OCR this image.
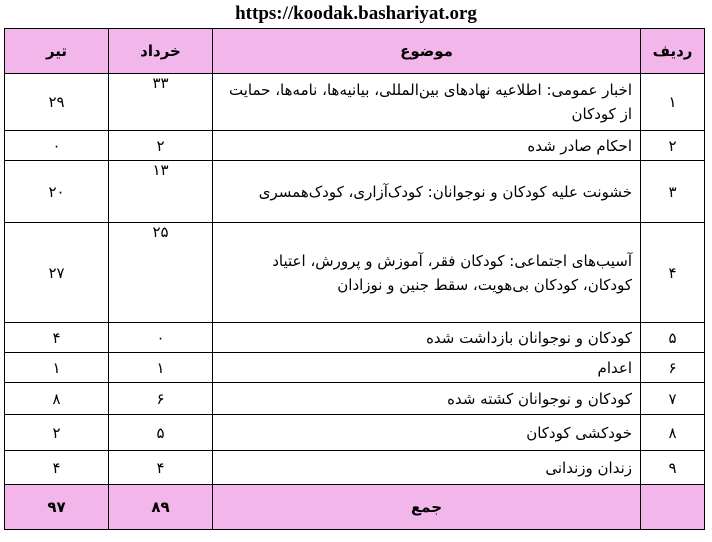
https://koodak.bashariyat.org
ردیف	موضوع	خرداد	تیر
۱	اخبار عمومی: اطلاعیه نهادهای بین‌المللی، بیانیه‌ها، نامه‌ها، حمایت از کودکان	۳۳	۲۹
۲	احکام صادر شده	۲	۰
۳	خشونت علیه کودکان و نوجوانان: کودک‌آزاری، کودک‌همسری	۱۳	۲۰
۴	آسیب‌های اجتماعی: کودکان فقر، آموزش و پرورش، اعتیاد کودکان، کودکان بی‌هویت، سقط جنین و نوزادان	۲۵	۲۷
۵	کودکان و نوجوانان بازداشت شده	۰	۴
۶	اعدام	۱	۱
۷	کودکان و نوجوانان کشته شده	۶	۸
۸	خودکشی کودکان	۵	۲
۹	زندان وزندانی	۴	۴
	جمع	۸۹	۹۷
